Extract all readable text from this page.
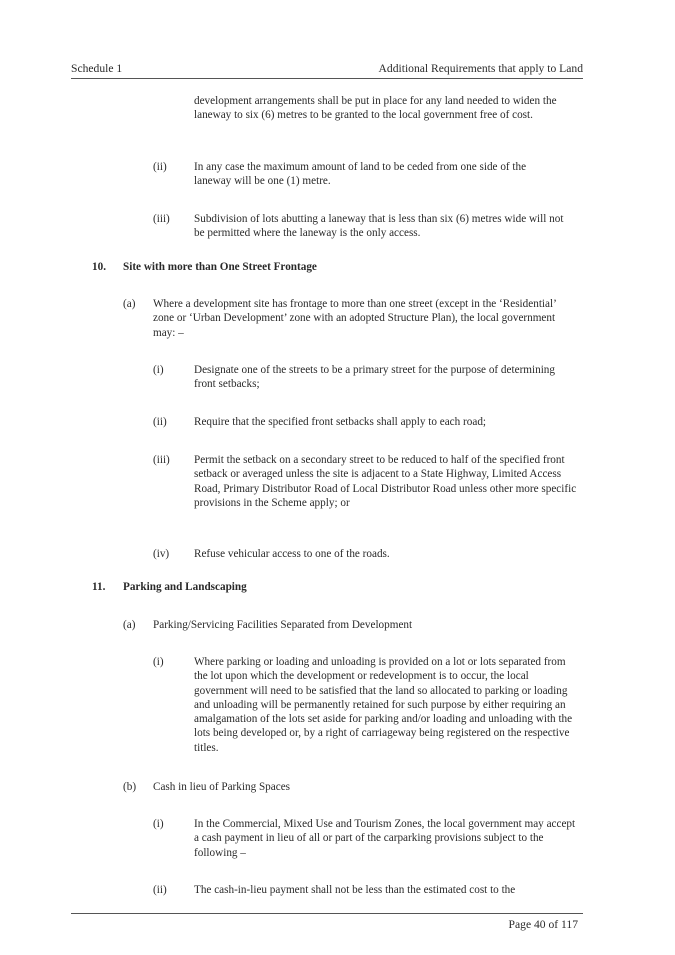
Schedule 1	Additional Requirements that apply to Land
development arrangements shall be put in place for any land needed to widen the laneway to six (6) metres to be granted to the local government free of cost.
(ii) In any case the maximum amount of land to be ceded from one side of the laneway will be one (1) metre.
(iii) Subdivision of lots abutting a laneway that is less than six (6) metres wide will not be permitted where the laneway is the only access.
10. Site with more than One Street Frontage
(a) Where a development site has frontage to more than one street (except in the ‘Residential’ zone or ‘Urban Development’ zone with an adopted Structure Plan), the local government may: –
(i)	Designate one of the streets to be a primary street for the purpose of determining front setbacks;
(ii) Require that the specified front setbacks shall apply to each road;
(iii) Permit the setback on a secondary street to be reduced to half of the specified front setback or averaged unless the site is adjacent to a State Highway, Limited Access Road, Primary Distributor Road of Local Distributor Road unless other more specific provisions in the Scheme apply; or
(iv) Refuse vehicular access to one of the roads.
11. Parking and Landscaping
(a) Parking/Servicing Facilities Separated from Development
(i)	Where parking or loading and unloading is provided on a lot or lots separated from the lot upon which the development or redevelopment is to occur, the local government will need to be satisfied that the land so allocated to parking or loading and unloading will be permanently retained for such purpose by either requiring an amalgamation of the lots set aside for parking and/or loading and unloading with the lots being developed or, by a right of carriageway being registered on the respective titles.
(b) Cash in lieu of Parking Spaces
(i)	In the Commercial, Mixed Use and Tourism Zones, the local government may accept a cash payment in lieu of all or part of the carparking provisions subject to the following –
(ii) The cash-in-lieu payment shall not be less than the estimated cost to the
Page 40 of 117
